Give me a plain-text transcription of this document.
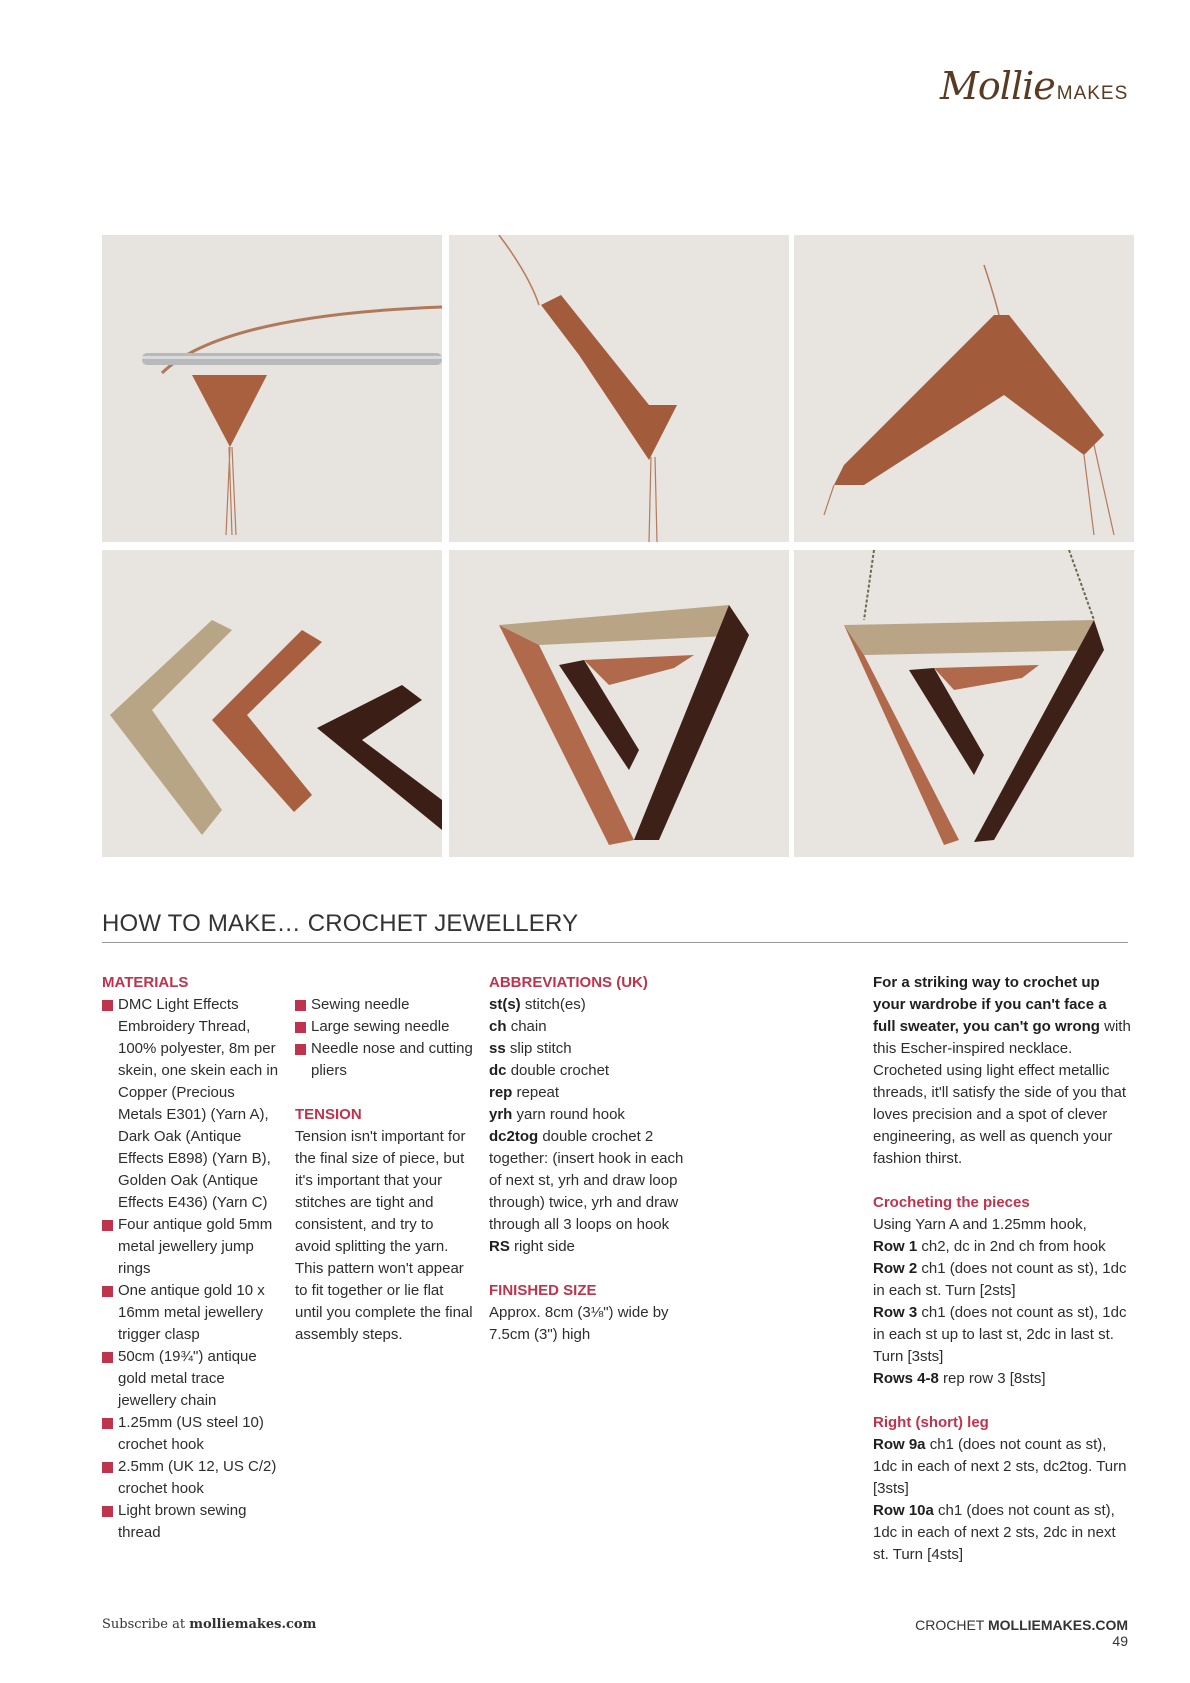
Mollie MAKES
HOW TO MAKE… CROCHET JEWELLERY
MATERIALS
DMC Light Effects Embroidery Thread, 100% polyester, 8m per skein, one skein each in Copper (Precious Metals E301) (Yarn A), Dark Oak (Antique Effects E898) (Yarn B), Golden Oak (Antique Effects E436) (Yarn C)
Four antique gold 5mm metal jewellery jump rings
One antique gold 10 x 16mm metal jewellery trigger clasp
50cm (19¾") antique gold metal trace jewellery chain
1.25mm (US steel 10) crochet hook
2.5mm (UK 12, US C/2) crochet hook
Light brown sewing thread
Sewing needle
Large sewing needle
Needle nose and cutting pliers
TENSION
Tension isn't important for the final size of piece, but it's important that your stitches are tight and consistent, and try to avoid splitting the yarn. This pattern won't appear to fit together or lie flat until you complete the final assembly steps.
ABBREVIATIONS (UK)
st(s) stitch(es)
ch chain
ss slip stitch
dc double crochet
rep repeat
yrh yarn round hook
dc2tog double crochet 2 together: (insert hook in each of next st, yrh and draw loop through) twice, yrh and draw through all 3 loops on hook
RS right side
FINISHED SIZE
Approx. 8cm (3⅛") wide by 7.5cm (3") high
For a striking way to crochet up your wardrobe if you can't face a full sweater, you can't go wrong with this Escher-inspired necklace. Crocheted using light effect metallic threads, it'll satisfy the side of you that loves precision and a spot of clever engineering, as well as quench your fashion thirst.
Crocheting the pieces
Using Yarn A and 1.25mm hook,
Row 1 ch2, dc in 2nd ch from hook
Row 2 ch1 (does not count as st), 1dc in each st. Turn [2sts]
Row 3 ch1 (does not count as st), 1dc in each st up to last st, 2dc in last st. Turn [3sts]
Rows 4-8 rep row 3 [8sts]
Right (short) leg
Row 9a ch1 (does not count as st), 1dc in each of next 2 sts, dc2tog. Turn [3sts]
Row 10a ch1 (does not count as st), 1dc in each of next 2 sts, 2dc in next st. Turn [4sts]
Subscribe at molliemakes.com	CROCHET MOLLIEMAKES.COM 49
